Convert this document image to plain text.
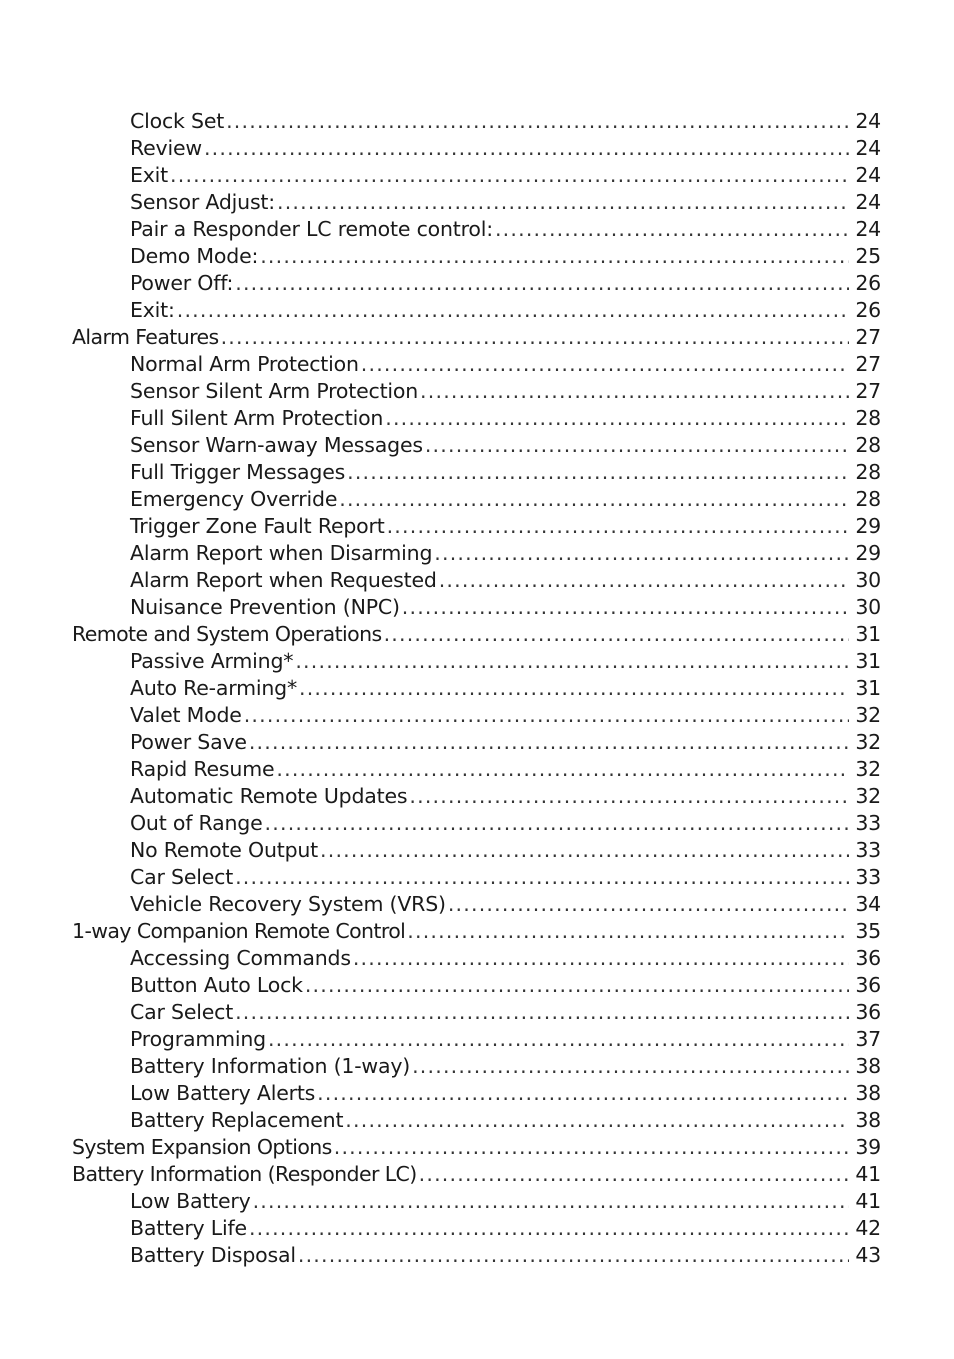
Clock Set .....	24
Review .....	24
Exit .....	24
Sensor Adjust: .....	24
Pair a Responder LC remote control: .....	24
Demo Mode: .....	25
Power Off: .....	26
Exit: .....	26
Alarm Features .....	27
Normal Arm Protection .....	27
Sensor Silent Arm Protection .....	27
Full Silent Arm Protection .....	28
Sensor Warn-away Messages .....	28
Full Trigger Messages .....	28
Emergency Override .....	28
Trigger Zone Fault Report .....	29
Alarm Report when Disarming .....	29
Alarm Report when Requested .....	30
Nuisance Prevention (NPC) .....	30
Remote and System Operations .....	31
Passive Arming* .....	31
Auto Re-arming* .....	31
Valet Mode .....	32
Power Save .....	32
Rapid Resume .....	32
Automatic Remote Updates .....	32
Out of Range .....	33
No Remote Output .....	33
Car Select .....	33
Vehicle Recovery System (VRS) .....	34
1-way Companion Remote Control .....	35
Accessing Commands .....	36
Button Auto Lock .....	36
Car Select .....	36
Programming .....	37
Battery Information (1-way) .....	38
Low Battery Alerts .....	38
Battery Replacement .....	38
System Expansion Options .....	39
Battery Information (Responder LC) .....	41
Low Battery .....	41
Battery Life .....	42
Battery Disposal .....	43
